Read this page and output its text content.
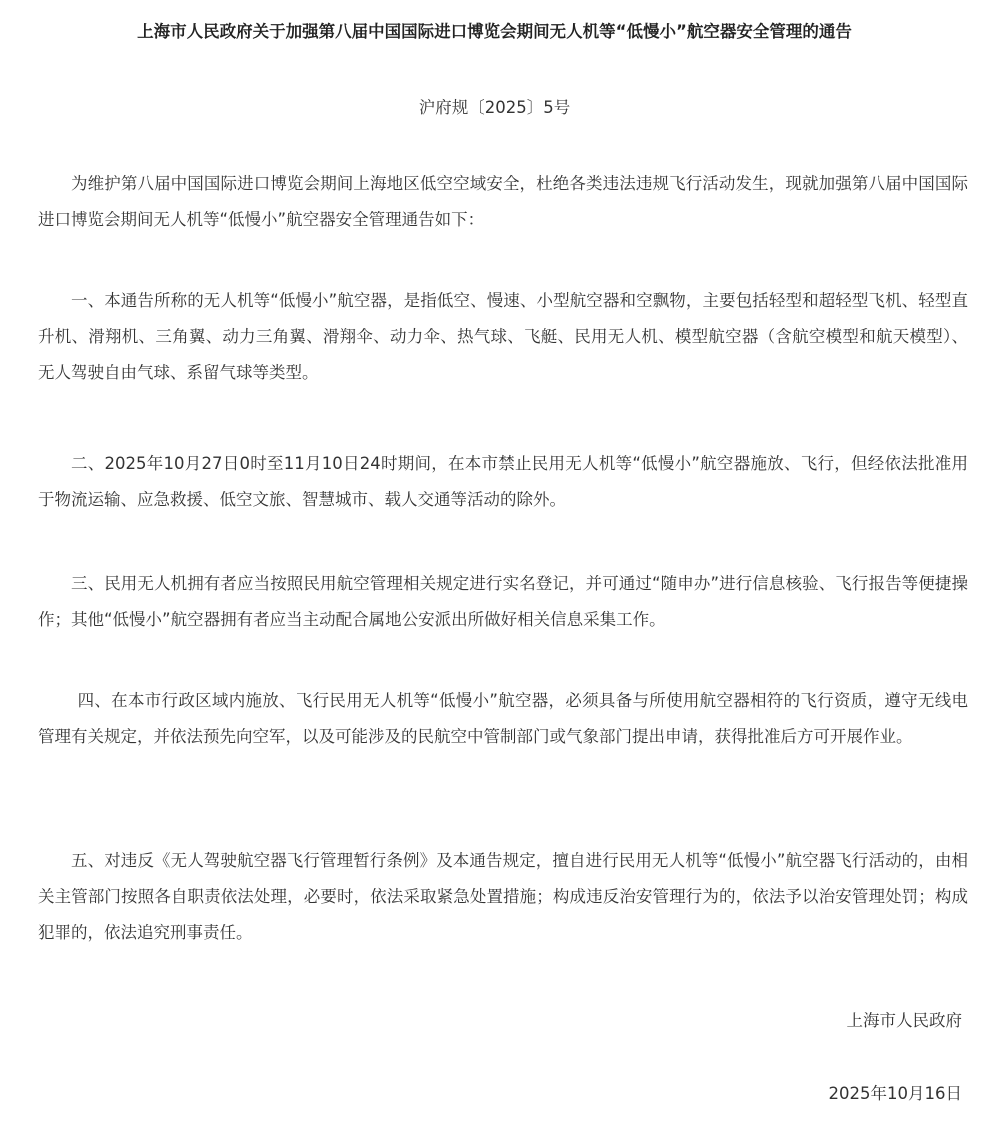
上海市人民政府关于加强第八届中国国际进口博览会期间无人机等“低慢小”航空器安全管理的通告
沪府规〔2025〕5号

为维护第八届中国国际进口博览会期间上海地区低空空域安全，杜绝各类违法违规飞行活动发生，现就加强第八届中国国际进口博览会期间无人机等“低慢小”航空器安全管理通告如下：

一、本通告所称的无人机等“低慢小”航空器，是指低空、慢速、小型航空器和空飘物，主要包括轻型和超轻型飞机、轻型直升机、滑翔机、三角翼、动力三角翼、滑翔伞、动力伞、热气球、飞艇、民用无人机、模型航空器（含航空模型和航天模型）、无人驾驶自由气球、系留气球等类型。

二、2025年10月27日0时至11月10日24时期间，在本市禁止民用无人机等“低慢小”航空器施放、飞行，但经依法批准用于物流运输、应急救援、低空文旅、智慧城市、载人交通等活动的除外。

三、民用无人机拥有者应当按照民用航空管理相关规定进行实名登记，并可通过“随申办”进行信息核验、飞行报告等便捷操作；其他“低慢小”航空器拥有者应当主动配合属地公安派出所做好相关信息采集工作。

四、在本市行政区域内施放、飞行民用无人机等“低慢小”航空器，必须具备与所使用航空器相符的飞行资质，遵守无线电管理有关规定，并依法预先向空军，以及可能涉及的民航空中管制部门或气象部门提出申请，获得批准后方可开展作业。

五、对违反《无人驾驶航空器飞行管理暂行条例》及本通告规定，擅自进行民用无人机等“低慢小”航空器飞行活动的，由相关主管部门按照各自职责依法处理，必要时，依法采取紧急处置措施；构成违反治安管理行为的，依法予以治安管理处罚；构成犯罪的，依法追究刑事责任。

上海市人民政府
2025年10月16日
